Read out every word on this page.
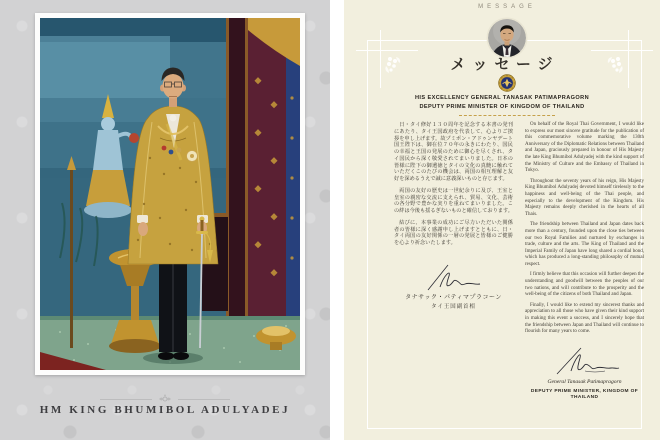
HM KING BHUMIBOL ADULYADEJ
MESSAGE
メッセージ
HIS EXCELLENCY GENERAL TANASAK PATIMAPRAGORN
DEPUTY PRIME MINISTER OF KINGDOM OF THAILAND

日・タイ修好１３０周年を記念する本書の発刊にあたり、タイ王国政府を代表して、心よりご挨拶を申し上げます。故プミポン・アドゥンヤデート国王陛下は、御在位７０年の永きにわたり、国民の幸福と王国の発展のために御心を尽くされ、タイ国民から深く敬愛されてまいりました。日本の皆様に陛下の御遺徳とタイの文化の真髄に触れていただくこのたびの機会は、両国の相互理解と友好を深めるうえで誠に意義深いものと存じます。

両国の友好の歴史は一世紀余りに及び、王室と皇室の親密な交流に支えられ、貿易、文化、芸術の各分野で豊かな実りを重ねてまいりました。この絆は今後も揺るぎないものと確信しております。

結びに、本事業の成功にご尽力いただいた関係者の皆様に深く感謝申し上げますとともに、日・タイ両国の友好関係の一層の発展と皆様のご健勝を心より祈念いたします。

タナサック・パティマプラコーン
タイ王国副首相

On behalf of the Royal Thai Government, I would like to express our most sincere gratitude for the publication of this commemorative volume marking the 130th Anniversary of the Diplomatic Relations between Thailand and Japan, graciously prepared in honour of His Majesty the late King Bhumibol Adulyadej with the kind support of the Ministry of Culture and the Embassy of Thailand in Tokyo.

Throughout the seventy years of his reign, His Majesty King Bhumibol Adulyadej devoted himself tirelessly to the happiness and well-being of the Thai people, and especially to the development of the Kingdom. His Majesty remains deeply cherished in the hearts of all Thais.

The friendship between Thailand and Japan dates back more than a century, founded upon the close ties between our two Royal Families and nurtured by exchanges in trade, culture and the arts. The King of Thailand and the Imperial Family of Japan have long shared a cordial bond, which has produced a long-standing philosophy of mutual respect.

I firmly believe that this occasion will further deepen the understanding and goodwill between the peoples of our two nations, and will contribute to the prosperity and the well-being of the citizens of both Thailand and Japan.

Finally, I would like to extend my sincerest thanks and appreciation to all those who have given their kind support in making this event a success, and I sincerely hope that the friendship between Japan and Thailand will continue to flourish for many years to come.

General Tanasak Patimapragorn
DEPUTY PRIME MINISTER, KINGDOM OF THAILAND
